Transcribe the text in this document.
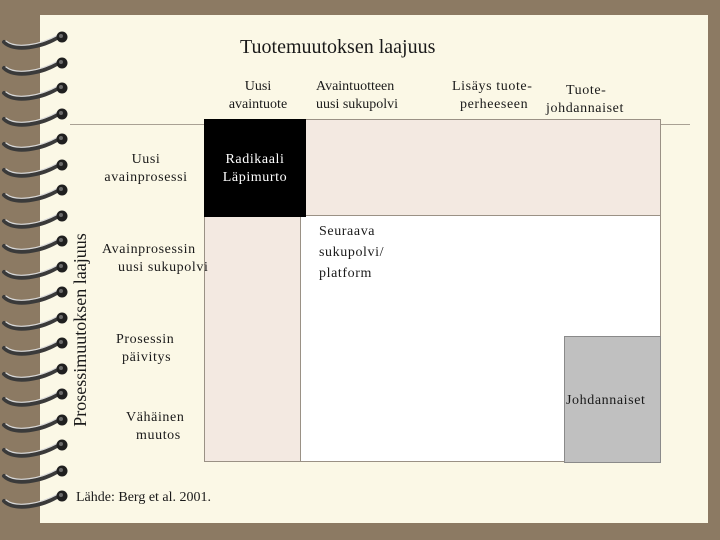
Tuotemuutoksen laajuus
Uusi
avaintuote
Avaintuotteen
uusi sukupolvi
Lisäys tuote-
perheeseen
Tuote-
johdannaiset
Radikaali
Läpimurto
Seuraava
sukupolvi/
platform
Johdannaiset
Uusi
avainprosessi
Avainprosessin
uusi sukupolvi
Prosessin
päivitys
Vähäinen
muutos
Prosessimuutoksen laajuus
Lähde: Berg et al. 2001.
